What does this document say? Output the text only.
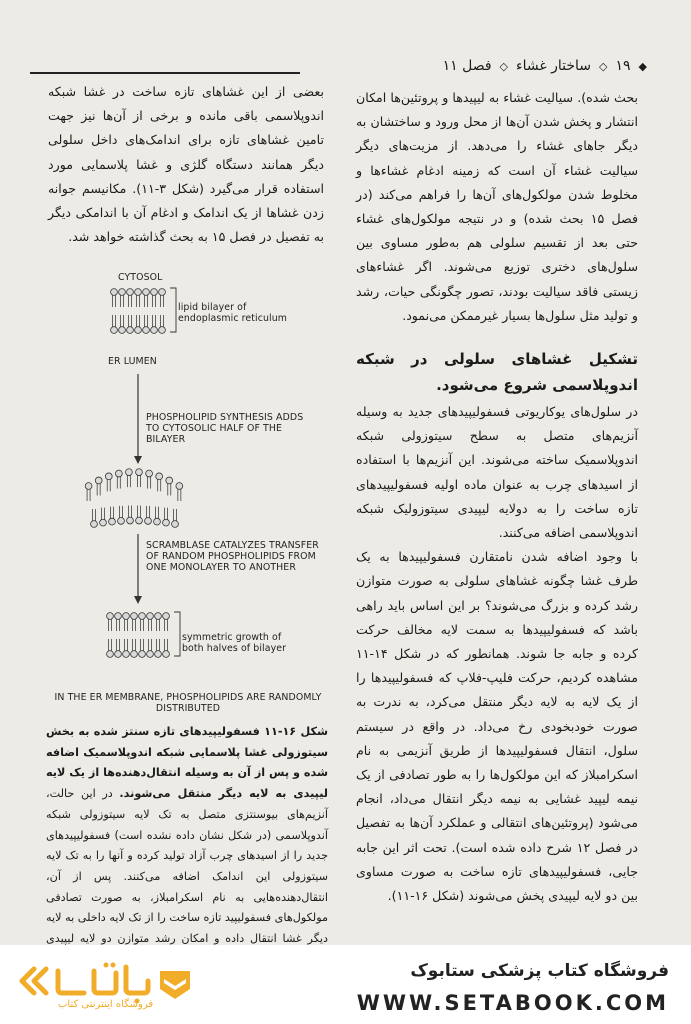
◆
۱۹
◇
ساختار غشاء
◇
فصل ۱۱

بحث شده). سیالیت غشاء به لیپیدها و پروتئین‌ها امکان انتشار و پخش شدن آن‌ها از محل ورود و ساختشان به دیگر جاهای غشاء را می‌دهد. از مزیت‌های دیگر سیالیت غشاء آن است که زمینه ادغام غشاءها و مخلوط شدن مولکول‌های آن‌ها را فراهم می‌کند (در فصل ۱۵ بحث شده) و در نتیجه مولکول‌های غشاء حتی بعد از تقسیم سلولی هم به‌طور مساوی بین سلول‌های دختری توزیع می‌شوند. اگر غشاءهای زیستی فاقد سیالیت بودند، تصور چگونگی حیات، رشد و تولید مثل سلول‌ها بسیار غیرممکن می‌نمود.

تشکیل غشاهای سلولی در شبکه اندوپلاسمی شروع می‌شود.

در سلول‌های یوکاریوتی فسفولیپیدهای جدید به وسیله آنزیم‌های متصل به سطح سیتوزولی شبکه اندوپلاسمیک ساخته می‌شوند. این آنزیم‌ها با استفاده از اسیدهای چرب به عنوان ماده اولیه فسفولیپیدهای تازه ساخت را به دولایه لیپیدی سیتوزولیک شبکه اندوپلاسمی اضافه می‌کنند.

با وجود اضافه شدن نامتقارن فسفولیپیدها به یک طرف غشا چگونه غشاهای سلولی به صورت متوازن رشد کرده و بزرگ می‌شوند؟ بر این اساس باید راهی باشد که فسفولیپیدها به سمت لایه مخالف حرکت کرده و جابه جا شوند. همانطور که در شکل ۱۴-۱۱ مشاهده کردیم، حرکت فلیپ-فلاپ که فسفولیپیدها را از یک لایه به لایه دیگر منتقل می‌کرد، به ندرت به صورت خودبخودی رخ می‌داد. در واقع در سیستم سلول، انتقال فسفولیپیدها از طریق آنزیمی به نام اسکرامبلاز که این مولکول‌ها را به طور تصادفی از یک نیمه لیپید غشایی به نیمه دیگر انتقال می‌داد، انجام می‌شود (پروتئین‌های انتقالی و عملکرد آن‌ها به تفصیل در فصل ۱۲ شرح داده شده است). تحت اثر این جابه جایی، فسفولیپیدهای تازه ساخت به صورت مساوی بین دو لایه لیپیدی پخش می‌شوند (شکل ۱۶-۱۱).

بعضی از این غشاهای تازه ساخت در غشا شبکه اندوپلاسمی باقی مانده و برخی از آن‌ها نیز جهت تامین غشاهای تازه برای اندامک‌های داخل سلولی دیگر همانند دستگاه گلژی و غشا پلاسمایی مورد استفاده قرار می‌گیرد (شکل ۳-۱۱). مکانیسم جوانه زدن غشاها از یک اندامک و ادغام آن با اندامکی دیگر به تفصیل در فصل ۱۵ به بحث گذاشته خواهد شد.

CYTOSOL
lipid bilayer of endoplasmic reticulum
ER LUMEN
PHOSPHOLIPID SYNTHESIS ADDS TO CYTOSOLIC HALF OF THE BILAYER
SCRAMBLASE CATALYZES TRANSFER OF RANDOM PHOSPHOLIPIDS FROM ONE MONOLAYER TO ANOTHER
symmetric growth of both halves of bilayer
IN THE ER MEMBRANE, PHOSPHOLIPIDS ARE RANDOMLY DISTRIBUTED
شکل ۱۶-۱۱ فسفولیپیدهای تازه سنتز شده به بخش سیتوزولی غشا پلاسمایی شبکه اندوپلاسمیک اضافه شده و پس از آن به وسیله انتقال‌دهنده‌ها از یک لایه لیپیدی به لایه دیگر منتقل می‌شوند. در این حالت، آنزیم‌های بیوسنتزی متصل به تک لایه سیتوزولی شبکه آندوپلاسمی (در شکل نشان داده نشده است) فسفولیپیدهای جدید را از اسیدهای چرب آزاد تولید کرده و آنها را به تک لایه سیتوزولی این اندامک اضافه می‌کنند. پس از آن، انتقال‌دهنده‌هایی به نام اسکرامبلاز، به صورت تصادفی مولکول‌های فسفولیپید تازه ساخت را از تک لایه داخلی به لایه دیگر غشا انتقال داده و امکان رشد متوازن دو لایه لیپیدی
فروشگاه اینترنتی کتاب
فروشگاه کتاب پزشکی ستابوک
WWW.SETABOOK.COM
